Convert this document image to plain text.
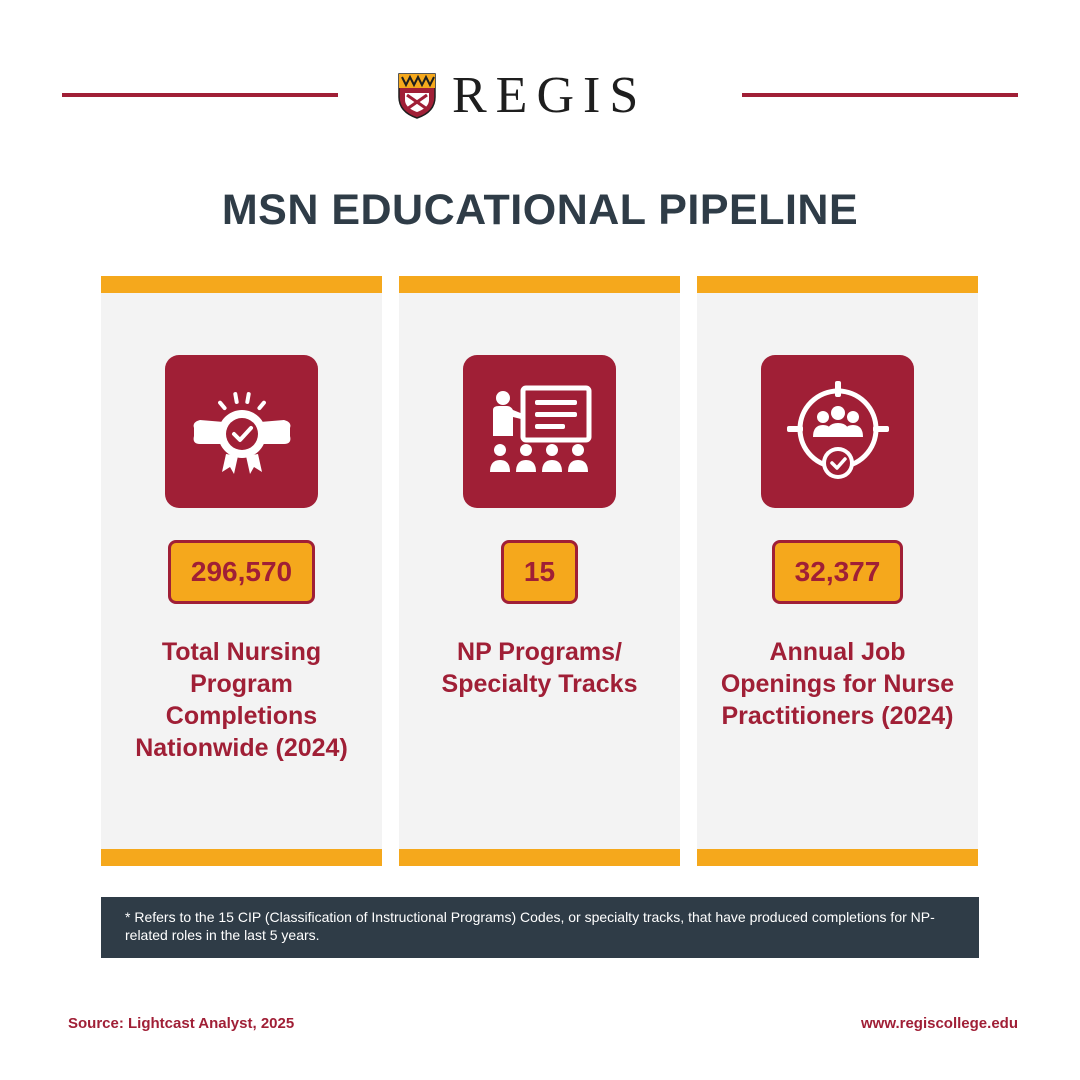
REGIS
MSN EDUCATIONAL PIPELINE
296,570
Total Nursing Program Completions Nationwide (2024)
15
NP Programs/ Specialty Tracks
32,377
Annual Job Openings for Nurse Practitioners (2024)
* Refers to the 15 CIP (Classification of Instructional Programs) Codes, or specialty tracks, that have produced completions for NP-related roles in the last 5 years.
Source: Lightcast Analyst, 2025	www.regiscollege.edu
